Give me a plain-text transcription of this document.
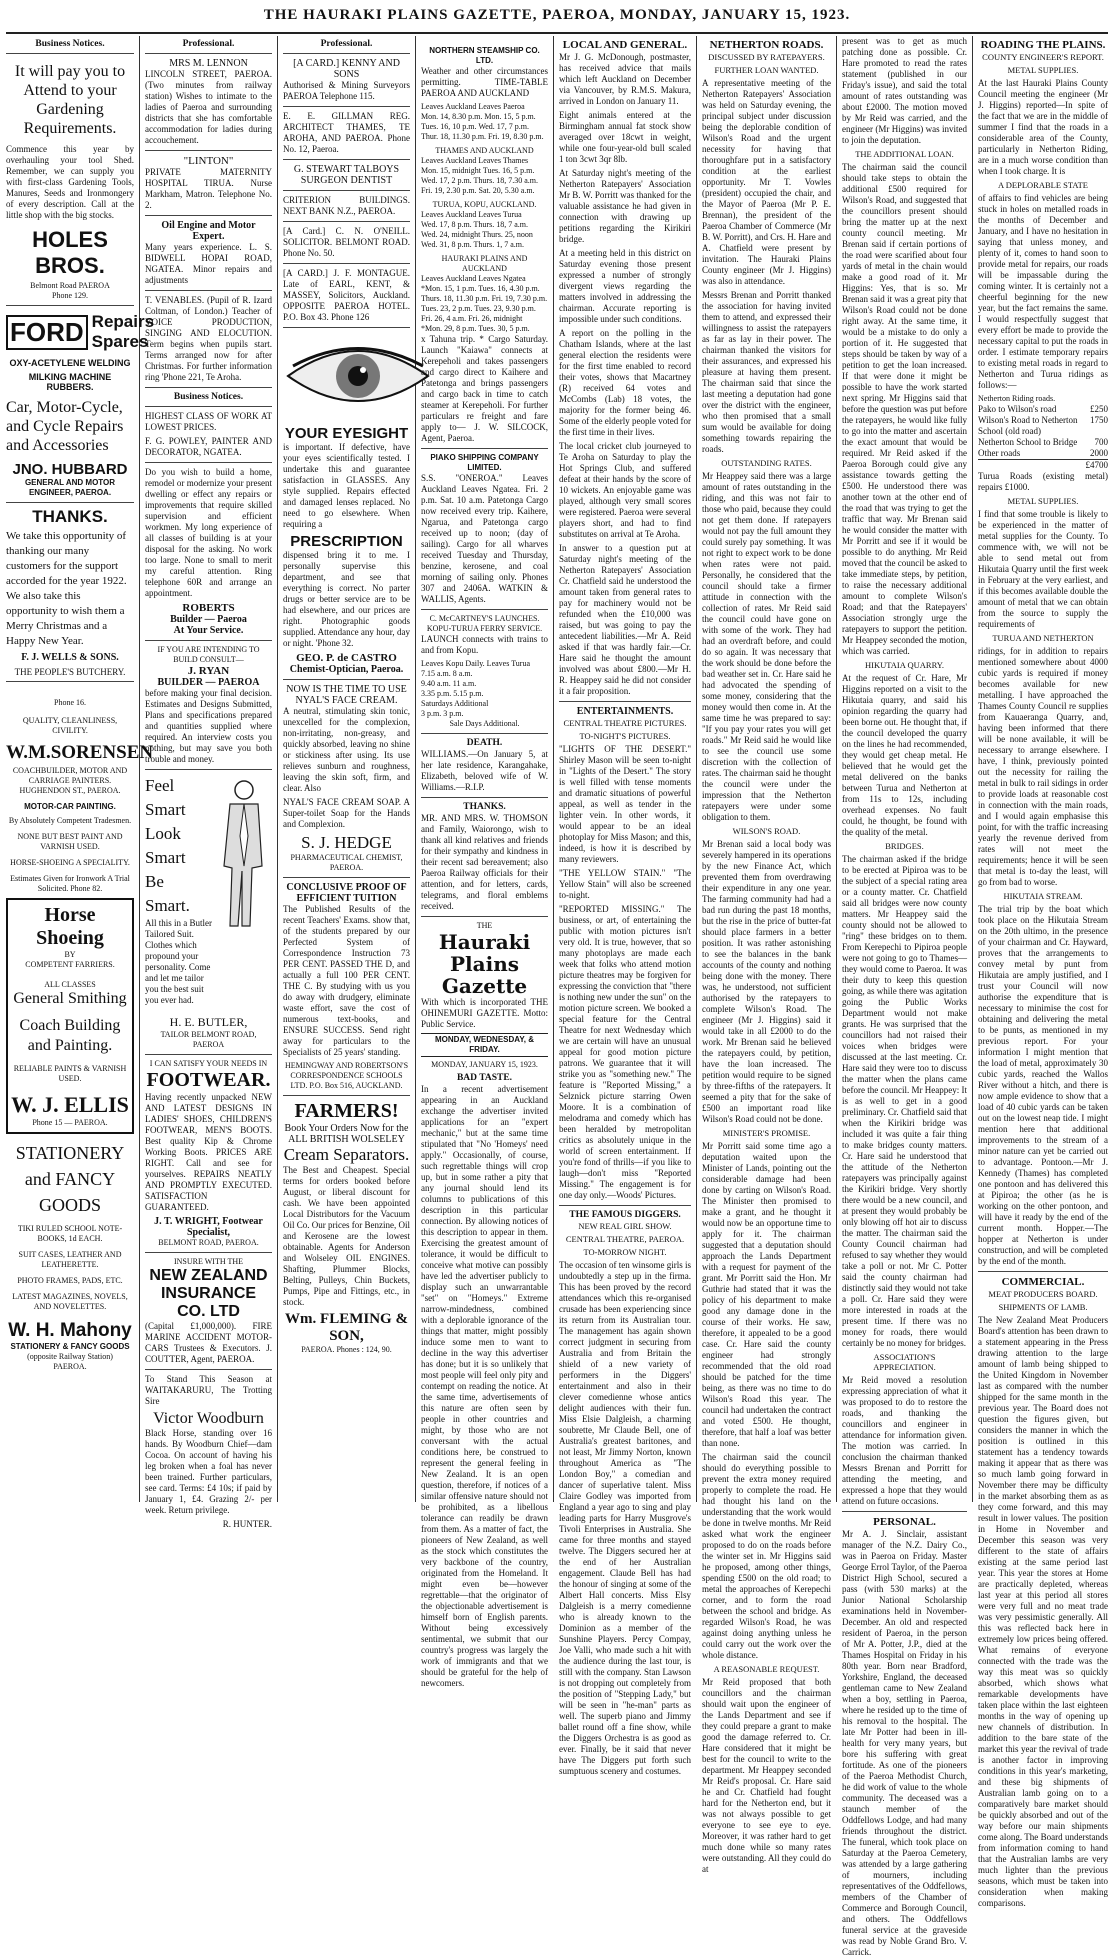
THE HAURAKI PLAINS GAZETTE, PAEROA, MONDAY, JANUARY 15, 1923.
Business Notices.
It will pay you to
Attend to your
Gardening
Requirements.

Commence this year by overhauling your tool Shed. Remember, we can supply you with first-class Gardening Tools, Manures, Seeds and Ironmongery of every description. Call at the little shop with the big stocks.

HOLES BROS.
Belmont Road PAEROA
Phone 129.
FORD Repairs
Spares
OXY-ACETYLENE WELDING
MILKING MACHINE RUBBERS.
Car, Motor-Cycle, and Cycle Repairs and Accessories
JNO. HUBBARD
GENERAL AND MOTOR ENGINEER, PAEROA.
THANKS.

We take this opportunity of thanking our many customers for the support accorded for the year 1922. We also take this opportunity to wish them a Merry Christmas and a Happy New Year.

F. J. WELLS & SONS.
THE PEOPLE'S BUTCHERY.
Phone 16.
QUALITY, CLEANLINESS, CIVILITY.
W.M.SORENSEN
COACHBUILDER, MOTOR AND CARRIAGE PAINTERS.
HUGHENDON ST., PAEROA.
MOTOR-CAR PAINTING.
By Absolutely Competent Tradesmen.
NONE BUT BEST PAINT AND VARNISH USED.
HORSE-SHOEING A SPECIALITY.
Estimates Given for Ironwork A Trial Solicited. Phone 82.
Horse Shoeing
BY
COMPETENT FARRIERS.
ALL CLASSES
General Smithing
Coach Building and Painting.
RELIABLE PAINTS & VARNISH USED.
W. J. ELLIS
Phone 15 — PAEROA.
STATIONERY and FANCY GOODS
TIKI RULED SCHOOL NOTE-BOOKS, 1d EACH.
SUIT CASES, LEATHER AND LEATHERETTE.
PHOTO FRAMES, PADS, ETC.
LATEST MAGAZINES, NOVELS, AND NOVELETTES.
W. H. Mahony
STATIONERY & FANCY GOODS
(opposite Railway Station)
PAEROA.
Professional.
MRS M. LENNON

LINCOLN STREET, PAEROA. (Two minutes from railway station) Wishes to intimate to the ladies of Paeroa and surrounding districts that she has comfortable accommodation for ladies during accouchement.

"LINTON"

PRIVATE MATERNITY HOSPITAL TIRUA. Nurse Markham, Matron. Telephone No. 2.

Oil Engine and Motor Expert.

Many years experience. L. S. BIDWELL HOPAI ROAD, NGATEA. Minor repairs and adjustments

T. VENABLES. (Pupil of R. Izard Coltman, of London.) Teacher of VOICE PRODUCTION, SINGING AND ELOCUTION. Term begins when pupils start. Terms arranged now for after Christmas. For further information ring 'Phone 221, Te Aroha.

Business Notices.

HIGHEST CLASS OF WORK AT LOWEST PRICES.

F. G. POWLEY, PAINTER AND DECORATOR, NGATEA.

Do you wish to build a home, remodel or modernize your present dwelling or effect any repairs or improvements that require skilled supervision and efficient workmen. My long experience of all classes of building is at your disposal for the asking. No work too large. None to small to merit my careful attention. Ring telephone 60R and arrange an appointment.

ROBERTS
Builder — Paeroa
At Your Service.
IF YOU ARE INTENDING TO BUILD CONSULT—
J. RYAN
BUILDER — PAEROA

before making your final decision. Estimates and Designs Submitted, Plans and specifications prepared and quantities supplied where required. An interview costs you nothing, but may save you both trouble and money.

Feel Smart
Look Smart
Be Smart.

All this in a Butler Tailored Suit. Clothes which propound your personality. Come and let me tailor you the best suit you ever had.

H. E. BUTLER,
TAILOR BELMONT ROAD, PAEROA
I CAN SATISFY YOUR NEEDS IN
FOOTWEAR.

Having recently unpacked NEW AND LATEST DESIGNS IN LADIES' SHOES, CHILDREN'S FOOTWEAR, MEN'S BOOTS. Best quality Kip & Chrome Working Boots. PRICES ARE RIGHT. Call and see for yourselves. REPAIRS NEATLY AND PROMPTLY EXECUTED. SATISFACTION GUARANTEED.

J. T. WRIGHT, Footwear Specialist,
BELMONT ROAD, PAEROA.
INSURE WITH THE
NEW ZEALAND INSURANCE CO. LTD

(Capital £1,000,000). FIRE MARINE ACCIDENT MOTOR-CARS Trustees & Executors. J. COUTTER, Agent, PAEROA.

To Stand This Season at WAITAKARURU, The Trotting Sire

Victor Woodburn

Black Horse, standing over 16 hands. By Woodburn Chief—dam Cocoa. On account of having his leg broken when a foal has never been trained. Further particulars, see card. Terms: £4 10s; if paid by January 1, £4. Grazing 2/- per week. Return privilege.

R. HUNTER.
Professional.
[A CARD.] KENNY AND SONS

Authorised & Mining Surveyors PAEROA Telephone 115.

E. E. GILLMAN REG. ARCHITECT THAMES, TE AROHA, AND PAEROA. Phone No. 12, Paeroa.

G. STEWART TALBOYS SURGEON DENTIST

CRITERION BUILDINGS. NEXT BANK N.Z., PAEROA.

[A Card.] C. N. O'NEILL. SOLICITOR. BELMONT ROAD. Phone No. 50.

[A CARD.] J. F. MONTAGUE. Late of EARL, KENT, & MASSEY, Solicitors, Auckland. OPPOSITE PAEROA HOTEL. P.O. Box 43. Phone 126

YOUR EYESIGHT

is important. If defective, have your eyes scientifically tested. I undertake this and guarantee satisfaction in GLASSES. Any style supplied. Repairs effected and damaged lenses replaced. No need to go elsewhere. When requiring a

PRESCRIPTION

dispensed bring it to me. I personally supervise this department, and see that everything is correct. No parter drugs or better service are to be had elsewhere, and our prices are right. Photographic goods supplied. Attendance any hour, day or night. 'Phone 32.

GEO. P. de CASTRO
Chemist-Optician, Paeroa.
NOW IS THE TIME TO USE NYAL'S FACE CREAM.

A neutral, stimulating skin tonic, unexcelled for the complexion, non-irritating, non-greasy, and quickly absorbed, leaving no shine or stickiness after using. Its use relieves sunburn and roughness, leaving the skin soft, firm, and clear. Also

NYAL'S FACE CREAM SOAP. A Super-toilet Soap for the Hands and Complexion.

S. J. HEDGE
PHARMACEUTICAL CHEMIST, PAEROA.
CONCLUSIVE PROOF OF EFFICIENT TUITION

The Published Results of the recent Teachers' Exams. show that, of the students prepared by our Perfected System of Correspondence Instruction 73 PER CENT. PASSED THE D, and actually a full 100 PER CENT. THE C. By studying with us you do away with drudgery, eliminate waste effort, save the cost of numerous text-books, and ENSURE SUCCESS. Send right away for particulars to the Specialists of 25 years' standing.

HEMINGWAY AND ROBERTSON'S CORRESPONDENCE SCHOOLS LTD. P.O. Box 516, AUCKLAND.
FARMERS!
Book Your Orders Now for the ALL BRITISH WOLSELEY
Cream Separators.

The Best and Cheapest. Special terms for orders booked before August, or liberal discount for cash. We have been appointed Local Distributors for the Vacuum Oil Co. Our prices for Benzine, Oil and Kerosene are the lowest obtainable. Agents for Anderson and Wolseley OIL ENGINES. Shafting, Plummer Blocks, Belting, Pulleys, Chin Buckets, Pumps, Pipe and Fittings, etc., in stock.

Wm. FLEMING & SON,
PAEROA. Phones : 124, 90.
NORTHERN STEAMSHIP CO. LTD.

Weather and other circumstances permitting. TIME-TABLE PAEROA AND AUCKLAND

Leaves Auckland Leaves Paeroa
Mon. 14, 8.30 p.m. Mon. 15, 5 p.m.
Tues. 16, 10 p.m. Wed. 17, 7 p.m.
Thur. 18, 11.30 p.m. Fri. 19, 8.30 p.m.
THAMES AND AUCKLAND
Leaves Auckland Leaves Thames
Mon. 15, midnight Tues. 16, 5 p.m.
Wed. 17, 2 p.m. Thurs. 18, 7.30 a.m.
Fri. 19, 2.30 p.m. Sat. 20, 5.30 a.m.
TURUA, KOPU, AUCKLAND.
Leaves Auckland Leaves Turua
Wed. 17, 8 p.m. Thurs. 18, 7 a.m.
Wed. 24, midnight Thurs. 25, noon
Wed. 31, 8 p.m. Thurs. 1, 7 a.m.
HAURAKI PLAINS AND AUCKLAND
Leaves Auckland Leaves Ngatea
*Mon. 15, 1 p.m. Tues. 16, 4.30 p.m.
Thurs. 18, 11.30 p.m. Fri. 19, 7.30 p.m.
Tues. 23, 2 p.m. Tues. 23, 9.30 p.m.
Fri. 26, 4 a.m. Fri. 26, midnight
*Mon. 29, 8 p.m. Tues. 30, 5 p.m.

x Tahuna trip. * Cargo Saturday. Launch "Kaiawa" connects at Kerepeholi and takes passengers and cargo direct to Kaihere and Patetonga and brings passengers and cargo back in time to catch steamer at Kerepeholi. For further particulars re freight and fare apply to— J. W. SILCOCK, Agent, Paeroa.

PIAKO SHIPPING COMPANY LIMITED.

S.S. "ONEROA." Leaves Auckland Leaves Ngatea. Fri. 2 p.m. Sat. 10 a.m. Patetonga Cargo now received every trip. Kaihere, Ngarua, and Patetonga cargo received up to noon; (day of sailing). Cargo for all wharves received Tuesday and Thursday, benzine, kerosene, and coal morning of sailing only. Phones 307 and 2406A. WATKIN & WALLIS, Agents.

C. McCARTNEY'S LAUNCHES. KOPU-TURUA FERRY SERVICE.

LAUNCH connects with trains to and from Kopu.

Leaves Kopu Daily. Leaves Turua
7.15 a.m. 8 a.m.
9.40 a.m. 11 a.m.
3.35 p.m. 5.15 p.m.
Saturdays Additional
3 p.m. 3 p.m.
Sale Days Additional.
DEATH.

WILLIAMS.—On January 5, at her late residence, Karangahake, Elizabeth, beloved wife of W. Williams.—R.I.P.

THANKS.

MR. AND MRS. W. THOMSON and Family, Waiorongo, wish to thank all kind relatives and friends for their sympathy and kindness in their recent sad bereavement; also Paeroa Railway officials for their attention, and for letters, cards, telegrams, and floral emblems received.

THE
Hauraki Plains Gazette

With which is incorporated THE OHINEMURI GAZETTE. Motto: Public Service.

MONDAY, WEDNESDAY, & FRIDAY.
MONDAY, JANUARY 15, 1923.
BAD TASTE.

In a recent advertisement appearing in an Auckland exchange the advertiser invited applications for an "expert mechanic," but at the same time stipulated that "No 'Homeys' need apply." Occasionally, of course, such regrettable things will crop up, but in some rather a pity that any journal should lend its columns to publications of this description in this particular connection. By allowing notices of this description to appear in them. Exercising the greatest amount of tolerance, it would be difficult to conceive what motive can possibly have led the advertiser publicly to display such an unwarrantable "set" on "Homeys." Extreme narrow-mindedness, combined with a deplorable ignorance of the things that matter, might possibly induce some men to want to decline in the way this advertiser has done; but it is so unlikely that most people will feel only pity and contempt on reading the notice. At the same time, advertisements of this nature are often seen by people in other countries and might, by those who are not conversant with the actual conditions here, be construed to represent the general feeling in New Zealand. It is an open question, therefore, if notices of a similar offensive nature should not be prohibited, as a libellous tolerance can readily be drawn from them. As a matter of fact, the pioneers of New Zealand, as well as the stock which constitutes the very backbone of the country, originated from the Homeland. It might even be—however regrettable—that the originator of the objectionable advertisement is himself born of English parents. Without being excessively sentimental, we submit that our country's progress was largely the work of immigrants and that we should be grateful for the help of newcomers.

LOCAL AND GENERAL.

Mr J. G. McDonough, postmaster, has received advice that mails which left Auckland on December via Vancouver, by R.M.S. Makura, arrived in London on January 11.

Eight animals entered at the Birmingham annual fat stock show averaged over 18cwt in weight, while one four-year-old bull scaled 1 ton 3cwt 3qr 8lb.

At Saturday night's meeting of the Netherton Ratepayers' Association Mr B. W. Porritt was thanked for the valuable assistance he had given in connection with drawing up petitions regarding the Kirikiri bridge.

At a meeting held in this district on Saturday evening those present expressed a number of strongly divergent views regarding the matters involved in addressing the chairman. Accurate reporting is impossible under such conditions.

A report on the polling in the Chatham Islands, where at the last general election the residents were for the first time enabled to record their votes, shows that Macartney (R) received 64 votes and McCombs (Lab) 18 votes, the majority for the former being 46. Some of the elderly people voted for the first time in their lives.

The local cricket club journeyed to Te Aroha on Saturday to play the Hot Springs Club, and suffered defeat at their hands by the score of 10 wickets. An enjoyable game was played, although very small scores were registered. Paeroa were several players short, and had to find substitutes on arrival at Te Aroha.

In answer to a question put at Saturday night's meeting of the Netherton Ratepayers' Association Cr. Chatfield said he understood the amount taken from general rates to pay for machinery would not be refunded when the £10,000 was raised, but was going to pay the antecedent liabilities.—Mr A. Reid asked if that was hardly fair.—Cr. Hare said he thought the amount involved was about £800.—Mr H. R. Heappey said he did not consider it a fair proposition.

ENTERTAINMENTS.
CENTRAL THEATRE PICTURES.
TO-NIGHT'S PICTURES.

"LIGHTS OF THE DESERT." Shirley Mason will be seen to-night in "Lights of the Desert." The story is well filled with tense moments and dramatic situations of powerful appeal, as well as tender in the lighter vein. In other words, it would appear to be an ideal photoplay for Miss Mason; and this, indeed, is how it is described by many reviewers.

"THE YELLOW STAIN." "The Yellow Stain" will also be screened to-night.

"REPORTED MISSING." The business, or art, of entertaining the public with motion pictures isn't very old. It is true, however, that so many photoplays are made each week that folks who attend motion picture theatres may be forgiven for expressing the conviction that "there is nothing new under the sun" on the motion picture screen. We booked a special feature for the Central Theatre for next Wednesday which we are certain will have an unusual appeal for good motion picture patrons. We guarantee that it will strike you as "something new." The feature is "Reported Missing," a Selznick picture starring Owen Moore. It is a combination of melodrama and comedy which has been heralded by metropolitan critics as absolutely unique in the world of screen entertainment. If you're fond of thrills—if you like to laugh—don't miss "Reported Missing." The engagement is for one day only.—Woods' Pictures.

THE FAMOUS DIGGERS.
NEW REAL GIRL SHOW.
CENTRAL THEATRE, PAEROA.
TO-MORROW NIGHT.

The occasion of ten winsome girls is undoubtedly a step up in the firma. This has been proved by the record attendances which this re-organised crusade has been experiencing since its return from its Australian tour. The management has again shown correct judgment in securing from Australia and from Britain the shield of a new variety of performers in the Diggers' entertainment and also in their clever comedienne whose antics delight audiences with their fun. Miss Elsie Dalgleish, a charming soubrette, Mr Claude Bell, one of Australia's greatest baritones, and not least, Mr Jimmy Norton, known throughout America as "The London Boy," a comedian and dancer of superlative talent. Miss Claire Godley was imported from England a year ago to sing and play leading parts for Harry Musgrove's Tivoli Enterprises in Australia. She came for three months and stayed twelve. The Diggers secured her at the end of her Australian engagement. Claude Bell has had the honour of singing at some of the Albert Hall concerts. Miss Elsy Dalgleish is a merry comedienne who is already known to the Dominion as a member of the Sunshine Players. Percy Compay, Joe Valli, who made such a hit with the audience during the last tour, is still with the company. Stan Lawson is not dropping out completely from the position of "Stepping Lady," but will be seen in "he-man" parts as well. The superb piano and Jimmy ballet round off a fine show, while the Diggers Orchestra is as good as ever. Finally, be it said that never have The Diggers put forth such sumptuous scenery and costumes.

NETHERTON ROADS.
DISCUSSED BY RATEPAYERS.
FURTHER LOAN WANTED.

A representative meeting of the Netherton Ratepayers' Association was held on Saturday evening, the principal subject under discussion being the deplorable condition of Wilson's Road and the urgent necessity for having that thoroughfare put in a satisfactory condition at the earliest opportunity. Mr T. Vowles (president) occupied the chair, and the Mayor of Paeroa (Mr P. E. Brennan), the president of the Paeroa Chamber of Commerce (Mr B. W. Porritt), and Crs. H. Hare and A. Chatfield were present by invitation. The Hauraki Plains County engineer (Mr J. Higgins) was also in attendance.

Messrs Brenan and Porritt thanked the association for having invited them to attend, and expressed their willingness to assist the ratepayers as far as lay in their power. The chairman thanked the visitors for their assurances, and expressed his pleasure at having them present. The chairman said that since the last meeting a deputation had gone over the district with the engineer, who then promised that a small sum would be available for doing something towards repairing the roads.

OUTSTANDING RATES.

Mr Heappey said there was a large amount of rates outstanding in the riding, and this was not fair to those who paid, because they could not get them done. If ratepayers would not pay the full amount they could surely pay something. It was not right to expect work to be done when rates were not paid. Personally, he considered that the council should take a firmer attitude in connection with the collection of rates. Mr Reid said the council could have gone on with some of the work. They had had an overdraft before, and could do so again. It was necessary that the work should be done before the bad weather set in. Cr. Hare said he had advocated the spending of some money, considering that the money would then come in. At the same time he was prepared to say: "If you pay your rates you will get roads." Mr Reid said he would like to see the council use some discretion with the collection of rates. The chairman said he thought the council were under the impression that the Netherton ratepayers were under some obligation to them.

WILSON'S ROAD.

Mr Brenan said a local body was severely hampered in its operations by the new Finance Act, which prevented them from overdrawing their expenditure in any one year. The farming community had had a bad run during the past 18 months, but the rise in the price of butter-fat should place farmers in a better position. It was rather astonishing to see the balances in the bank accounts of the county and nothing being done with the money. There was, he understood, not sufficient authorised by the ratepayers to complete Wilson's Road. The engineer (Mr J. Higgins) said it would take in all £2000 to do the work. Mr Brenan said he believed the ratepayers could, by petition, have the loan increased. The petition would require to be signed by three-fifths of the ratepayers. It seemed a pity that for the sake of £500 an important road like Wilson's Road could not be done.

MINISTER'S PROMISE.

Mr Porritt said some time ago a deputation waited upon the Minister of Lands, pointing out the considerable damage had been done by carting on Wilson's Road. The Minister then promised to make a grant, and he thought it would now be an opportune time to apply for it. The chairman suggested that a deputation should approach the Lands Department with a request for payment of the grant. Mr Porritt said the Hon. Mr Guthrie had stated that it was the policy of his department to make good any damage done in the course of their works. He saw, therefore, it appealed to be a good case. Cr. Hare said the county engineer had strongly recommended that the old road should be patched for the time being, as there was no time to do Wilson's Road this year. The council had undertaken the contract and voted £500. He thought, therefore, that half a loaf was better than none.

The chairman said the council should do everything possible to prevent the extra money required properly to complete the road. He had thought his land on the understanding that the work would be done in twelve months. Mr Reid asked what work the engineer proposed to do on the roads before the winter set in. Mr Higgins said he proposed, among other things, spending £500 on the old road; to metal the approaches of Kerepechi corner, and to form the road between the school and bridge. As regarded Wilson's Road, he was against doing anything unless he could carry out the work over the whole distance.

A REASONABLE REQUEST.

Mr Reid proposed that both councillors and the chairman should wait upon the engineer of the Lands Department and see if they could prepare a grant to make good the damage referred to. Cr. Hare considered that it might be best for the council to write to the department. Mr Heappey seconded Mr Reid's proposal. Cr. Hare said he and Cr. Chatfield had fought hard for the Netherton end, but it was not always possible to get everyone to see eye to eye. Moreover, it was rather hard to get much done while so many rates were outstanding. All they could do at

present was to get as much patching done as possible. Cr. Hare promoted to read the rates statement (published in our Friday's issue), and said the total amount of rates outstanding was about £2000. The motion moved by Mr Reid was carried, and the engineer (Mr Higgins) was invited to join the deputation.

THE ADDITIONAL LOAN.

The chairman said the council should take steps to obtain the additional £500 required for Wilson's Road, and suggested that the councillors present should bring the matter up at the next county council meeting. Mr Brenan said if certain portions of the road were scarified about four yards of metal in the chain would make a good road of it. Mr Higgins: Yes, that is so. Mr Brenan said it was a great pity that Wilson's Road could not be done right away. At the same time, it would be a mistake to do only a portion of it. He suggested that steps should be taken by way of a petition to get the loan increased. If that were done it might be possible to have the work started next spring. Mr Higgins said that before the question was put before the ratepayers, he would like fully to go into the matter and ascertain the exact amount that would be required. Mr Reid asked if the Paeroa Borough could give any assistance towards getting the £500. He understood there was another town at the other end of the road that was trying to get the traffic that way. Mr Brenan said he would consider the matter with Mr Porritt and see if it would be possible to do anything. Mr Reid moved that the council be asked to take immediate steps, by petition, to raise the necessary additional amount to complete Wilson's Road; and that the Ratepayers' Association strongly urge the ratepayers to support the petition. Mr Heappey seconded the motion, which was carried.

HIKUTAIA QUARRY.

At the request of Cr. Hare, Mr Higgins reported on a visit to the Hikutaia quarry, and said his opinion regarding the quarry had been borne out. He thought that, if the council developed the quarry on the lines he had recommended, they would get cheap metal. He believed that he would get the metal delivered on the banks between Turua and Netherton at from 11s to 12s, including overhead expenses. No fault could, he thought, be found with the quality of the metal.

BRIDGES.

The chairman asked if the bridge to be erected at Pipiroa was to be the subject of a special rating area or a county matter. Cr. Chatfield said all bridges were now county matters. Mr Heappey said the county should not be allowed to "ring" these bridges on to them. From Kerepechi to Pipiroa people were not going to go to Thames—they would come to Paeroa. It was their duty to keep this question going, as while there was agitation going the Public Works Department would not make grants. He was surprised that the councillors had not raised their voices when bridges were discussed at the last meeting. Cr. Hare said they were too to discuss the matter when the plans came before the council. Mr Heappey: It is as well to get in a good preliminary. Cr. Chatfield said that when the Kirikiri bridge was included it was quite a fair thing to make bridges county matters. Cr. Hare said he understood that the attitude of the Netherton ratepayers was principally against the Kirikiri bridge. Very shortly there would be a new council, and at present they would probably be only blowing off hot air to discuss the matter. The chairman said the County Council chairman had refused to say whether they would take a poll or not. Mr C. Potter said the county chairman had distinctly said they would not take a poll. Cr. Hare said they were more interested in roads at the present time. If there was no money for roads, there would certainly be no money for bridges.

ASSOCIATION'S APPRECIATION.

Mr Reid moved a resolution expressing appreciation of what it was proposed to do to restore the roads, and thanking the councillors and engineer in attendance for information given. The motion was carried. In conclusion the chairman thanked Messrs Brenan and Porritt for attending the meeting, and expressed a hope that they would attend on future occasions.

PERSONAL.

Mr A. J. Sinclair, assistant manager of the N.Z. Dairy Co., was in Paeroa on Friday. Master George Errol Taylor, of the Paeroa District High School, secured a pass (with 530 marks) at the Junior National Scholarship examinations held in November-December. An old and respected resident of Paeroa, in the person of Mr A. Potter, J.P., died at the Thames Hospital on Friday in his 80th year. Born near Bradford, Yorkshire, England, the deceased gentleman came to New Zealand when a boy, settling in Paeroa, where he resided up to the time of his removal to the hospital. The late Mr Potter had been in ill-health for very many years, but bore his suffering with great fortitude. As one of the pioneers of the Paeroa Methodist Church, he did work of value to the whole community. The deceased was a staunch member of the Oddfellows Lodge, and had many friends throughout the district. The funeral, which took place on Saturday at the Paeroa Cemetery, was attended by a large gathering of mourners, including representatives of the Oddfellows, members of the Chamber of Commerce and Borough Council, and others. The Oddfellows funeral service at the graveside was read by Noble Grand Bro. V. Carrick.

ROADING THE PLAINS.
COUNTY ENGINEER'S REPORT.
METAL SUPPLIES.

At the last Hauraki Plains County Council meeting the engineer (Mr J. Higgins) reported—In spite of the fact that we are in the middle of summer I find that the roads in a considerable area of the County, particularly in Netherton Riding, are in a much worse condition than when I took charge. It is

A DEPLORABLE STATE

of affairs to find vehicles are being stuck in holes on metalled roads in the months of December and January, and I have no hesitation in saying that unless money, and plenty of it, comes to hand soon to provide metal for repairs, our roads will be impassable during the coming winter. It is certainly not a cheerful beginning for the new year, but the fact remains the same. I would respectfully suggest that every effort be made to provide the necessary capital to put the roads in order. I estimate temporary repairs to existing metal roads in regard to Netherton and Turua ridings as follows:—

Netherton Riding roads.
Pako to Wilson's road	£250
Wilson's Road to Netherton School (old road)
1750
Netherton School to Bridge 700
Other roads	2000
£4700

Turua Roads (existing metal) repairs £1000.

METAL SUPPLIES.

I find that some trouble is likely to be experienced in the matter of metal supplies for the County. To commence with, we will not be able to send metal out from Hikutaia Quarry until the first week in February at the very earliest, and if this becomes available double the amount of metal that we can obtain from the source to supply the requirements of

TURUA AND NETHERTON

ridings, for in addition to repairs mentioned somewhere about 4000 cubic yards is required if money becomes available for new metalling. I have approached the Thames County Council re supplies from Kauaeranga Quarry, and, having been informed that there will be none available, it will be necessary to arrange elsewhere. I have, I think, previously pointed out the necessity for railing the metal in bulk to rail sidings in order to provide loads at reasonable cost in connection with the main roads, and I would again emphasise this point, for with the traffic increasing yearly the revenue derived from rates will not meet the requirements; hence it will be seen that metal is to-day the least, will go from bad to worse.

HIKUTAIA STREAM.

The trial trip by the boat which took place on the Hikutaia Stream on the 20th ultimo, in the presence of your chairman and Cr. Hayward, proves that the arrangements to convey metal by punt from Hikutaia are amply justified, and I trust your Council will now authorise the expenditure that is necessary to minimise the cost for obtaining and delivering the metal to be punts, as mentioned in my previous report. For your information I might mention that the load of metal, approximately 30 cubic yards, reached the Wallos River without a hitch, and there is now ample evidence to show that a load of 40 cubic yards can be taken out on the lowest neap tide. I might mention here that additional improvements to the stream of a minor nature can yet be carried out to advantage. Pontoon.—Mr J. Kennedy (Thames) has completed one pontoon and has delivered this at Pipiroa; the other (as he is working on the other pontoon, and will have it ready by the end of the current month. Hopper.—The hopper at Netherton is under construction, and will be completed by the end of the month.

COMMERCIAL.
MEAT PRODUCERS BOARD.
SHIPMENTS OF LAMB.

The New Zealand Meat Producers Board's attention has been drawn to a statement appearing in the Press drawing attention to the large amount of lamb being shipped to the United Kingdom in November last as compared with the number shipped for the same month in the previous year. The Board does not question the figures given, but considers the manner in which the position is outlined in this statement has a tendency towards making it appear that as there was so much lamb going forward in November there may be difficulty in the market absorbing them as as they come forward, and this may result in lower values. The position in Home in November and December this season was very different to the state of affairs existing at the same period last year. This year the stores at Home are practically depleted, whereas last year at this period all stores were very full and no meat trade was very pessimistic generally. All this was reflected back here in extremely low prices being offered. What remains of everyone connected with the trade was the way this meat was so quickly absorbed, which shows what remarkable developments have taken place within the last eighteen months in the way of opening up new channels of distribution. In addition to the bare state of the market this year the revival of trade is another factor in improving conditions in this year's marketing, and these big shipments of Australian lamb going on to a comparatively bare market should be quickly absorbed and out of the way before our main shipments come along. The Board understands from information coming to hand that the Australian lambs are very much lighter than the previous seasons, which must be taken into consideration when making comparisons.
